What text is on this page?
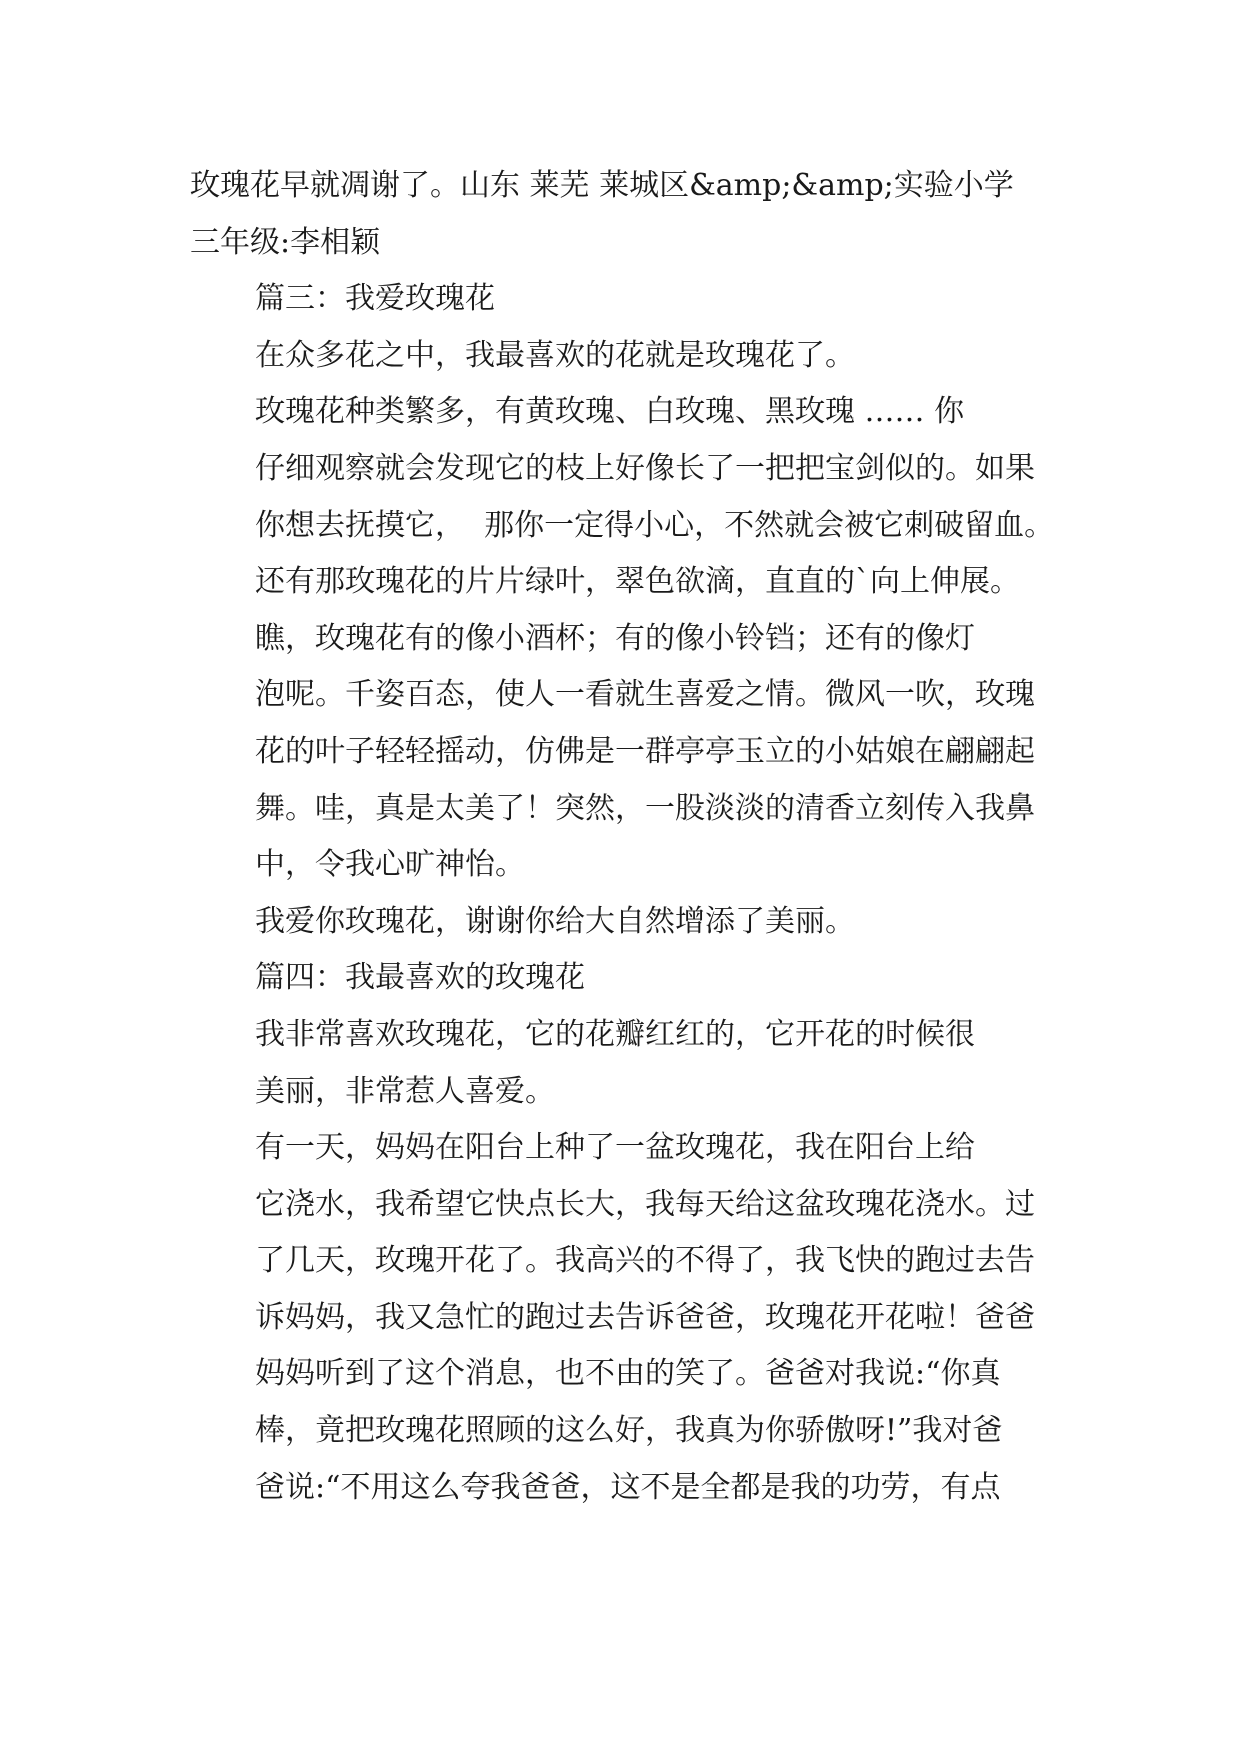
玫瑰花早就凋谢了。山东 莱芜 莱城区&amp;&amp;实验小学
三年级:李相颖

篇三：我爱玫瑰花

在众多花之中，我最喜欢的花就是玫瑰花了。

玫瑰花种类繁多，有黄玫瑰、白玫瑰、黑玫瑰 …… 你
仔细观察就会发现它的枝上好像长了一把把宝剑似的。如果
你想去抚摸它，  那你一定得小心，不然就会被它刺破留血。
还有那玫瑰花的片片绿叶，翠色欲滴，直直的`向上伸展。

瞧，玫瑰花有的像小酒杯；有的像小铃铛；还有的像灯
泡呢。千姿百态，使人一看就生喜爱之情。微风一吹，玫瑰
花的叶子轻轻摇动，仿佛是一群亭亭玉立的小姑娘在翩翩起
舞。哇，真是太美了！突然，一股淡淡的清香立刻传入我鼻
中，令我心旷神怡。

我爱你玫瑰花，谢谢你给大自然增添了美丽。

篇四：我最喜欢的玫瑰花

我非常喜欢玫瑰花，它的花瓣红红的，它开花的时候很
美丽，非常惹人喜爱。

有一天，妈妈在阳台上种了一盆玫瑰花，我在阳台上给
它浇水，我希望它快点长大，我每天给这盆玫瑰花浇水。过
了几天，玫瑰开花了。我高兴的不得了，我飞快的跑过去告
诉妈妈，我又急忙的跑过去告诉爸爸，玫瑰花开花啦！爸爸
妈妈听到了这个消息，也不由的笑了。爸爸对我说:“你真
棒，竟把玫瑰花照顾的这么好，我真为你骄傲呀!”我对爸
爸说:“不用这么夸我爸爸，这不是全都是我的功劳，有点
